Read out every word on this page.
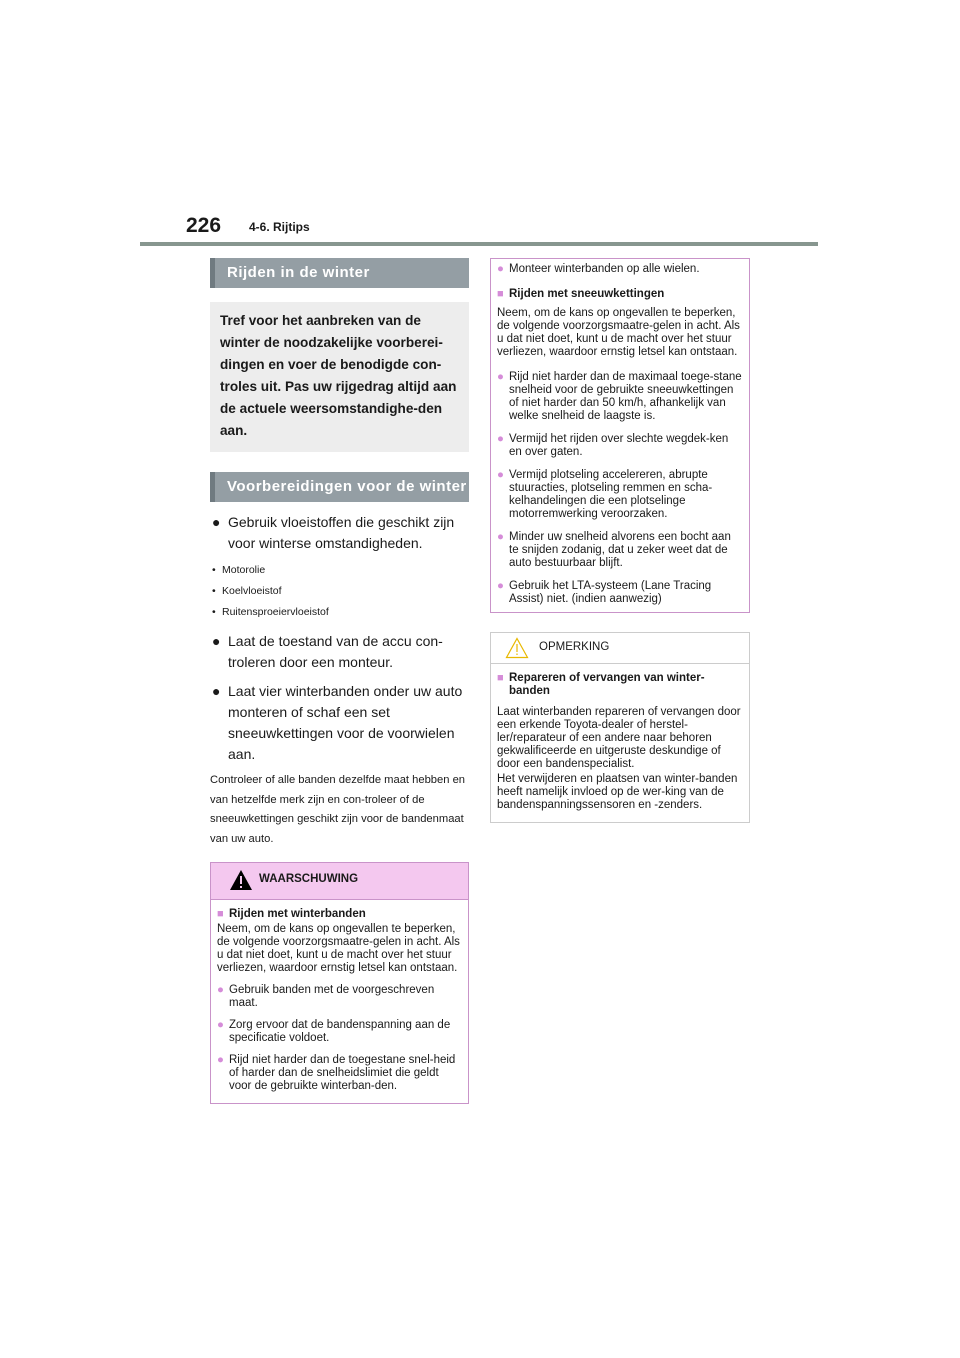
226 4-6. Rijtips
Rijden in de winter
Tref voor het aanbreken van de winter de noodzakelijke voorberei-dingen en voer de benodigde con-troles uit. Pas uw rijgedrag altijd aan de actuele weersomstandighe-den aan.
Voorbereidingen voor de winter
● Gebruik vloeistoffen die geschikt zijn voor winterse omstandigheden.
• Motorolie
• Koelvloeistof
• Ruitensproeiervloeistof
● Laat de toestand van de accu con-troleren door een monteur.
● Laat vier winterbanden onder uw auto monteren of schaf een set sneeuwkettingen voor de voorwielen aan.
Controleer of alle banden dezelfde maat hebben en van hetzelfde merk zijn en con-troleer of de sneeuwkettingen geschikt zijn voor de bandenmaat van uw auto.
WAARSCHUWING
■ Rijden met winterbanden
Neem, om de kans op ongevallen te beperken, de volgende voorzorgsmaatre-gelen in acht. Als u dat niet doet, kunt u de macht over het stuur verliezen, waardoor ernstig letsel kan ontstaan.
● Gebruik banden met de voorgeschreven maat.
● Zorg ervoor dat de bandenspanning aan de specificatie voldoet.
● Rijd niet harder dan de toegestane snel-heid of harder dan de snelheidslimiet die geldt voor de gebruikte winterban-den.
● Monteer winterbanden op alle wielen.
■ Rijden met sneeuwkettingen
Neem, om de kans op ongevallen te beperken, de volgende voorzorgsmaatre-gelen in acht. Als u dat niet doet, kunt u de macht over het stuur verliezen, waardoor ernstig letsel kan ontstaan.
● Rijd niet harder dan de maximaal toege-stane snelheid voor de gebruikte sneeuwkettingen of niet harder dan 50 km/h, afhankelijk van welke snelheid de laagste is.
● Vermijd het rijden over slechte wegdek-ken en over gaten.
● Vermijd plotseling accelereren, abrupte stuuracties, plotseling remmen en scha-kelhandelingen die een plotselinge motorremwerking veroorzaken.
● Minder uw snelheid alvorens een bocht aan te snijden zodanig, dat u zeker weet dat de auto bestuurbaar blijft.
● Gebruik het LTA-systeem (Lane Tracing Assist) niet. (indien aanwezig)
OPMERKING
■ Repareren of vervangen van winter-banden
Laat winterbanden repareren of vervangen door een erkende Toyota-dealer of herstel-ler/reparateur of een andere naar behoren gekwalificeerde en uitgeruste deskundige of door een bandenspecialist.
Het verwijderen en plaatsen van winter-banden heeft namelijk invloed op de wer-king van de bandenspanningssensoren en -zenders.
